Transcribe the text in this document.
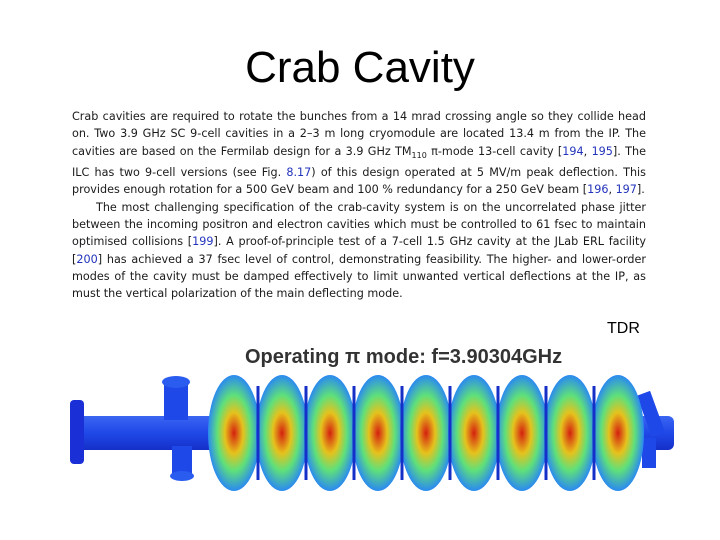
Crab Cavity

Crab cavities are required to rotate the bunches from a 14 mrad crossing angle so they collide head on. Two 3.9 GHz SC 9-cell cavities in a 2–3 m long cryomodule are located 13.4 m from the IP. The cavities are based on the Fermilab design for a 3.9 GHz $TM_{110}$ π-mode 13-cell cavity [194, 195]. The ILC has two 9-cell versions (see Fig. 8.17) of this design operated at 5 MV/m peak deflection. This provides enough rotation for a 500 GeV beam and 100 % redundancy for a 250 GeV beam [196, 197].

The most challenging specification of the crab-cavity system is on the uncorrelated phase jitter between the incoming positron and electron cavities which must be controlled to 61 fsec to maintain optimised collisions [199]. A proof-of-principle test of a 7-cell 1.5 GHz cavity at the JLab ERL facility [200] has achieved a 37 fsec level of control, demonstrating feasibility. The higher- and lower-order modes of the cavity must be damped effectively to limit unwanted vertical deflections at the IP, as must the vertical polarization of the main deflecting mode.

TDR
Operating π mode: f=3.90304GHz
